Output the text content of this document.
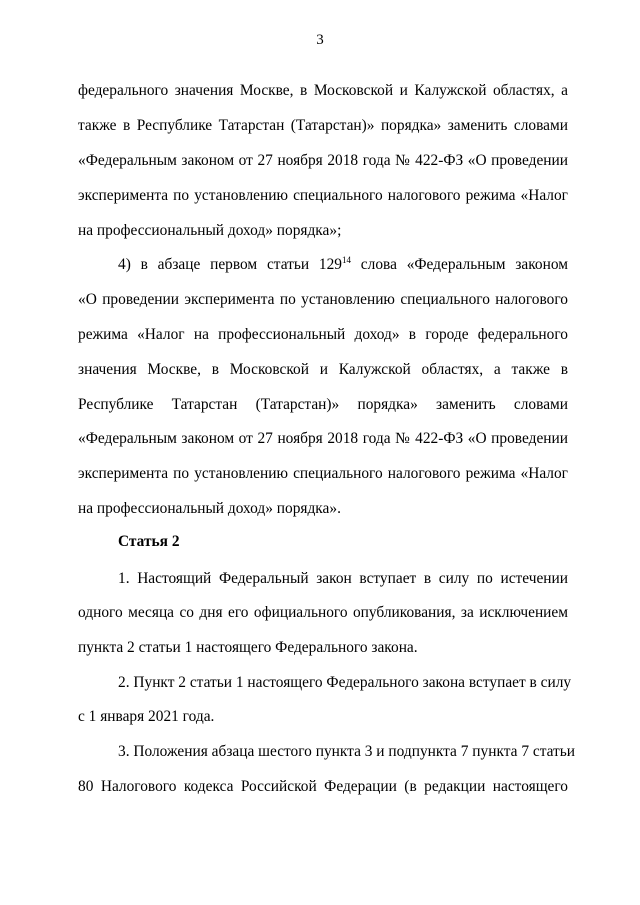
3
федерального значения Москве, в Московской и Калужской областях, а
также в Республике Татарстан (Татарстан)» порядка» заменить словами
«Федеральным законом от 27 ноября 2018 года № 422-ФЗ «О проведении
эксперимента по установлению специального налогового режима «Налог
на профессиональный доход» порядка»;
4) в абзаце первом статьи $129^{14}$ слова «Федеральным законом
«О проведении эксперимента по установлению специального налогового
режима «Налог на профессиональный доход» в городе федерального
значения Москве, в Московской и Калужской областях, а также в
Республике Татарстан (Татарстан)» порядка» заменить словами
«Федеральным законом от 27 ноября 2018 года № 422-ФЗ «О проведении
эксперимента по установлению специального налогового режима «Налог
на профессиональный доход» порядка».
Статья 2
1. Настоящий Федеральный закон вступает в силу по истечении
одного месяца со дня его официального опубликования, за исключением
пункта 2 статьи 1 настоящего Федерального закона.
2. Пункт 2 статьи 1 настоящего Федерального закона вступает в силу
с 1 января 2021 года.
3. Положения абзаца шестого пункта 3 и подпункта 7 пункта 7 статьи
80 Налогового кодекса Российской Федерации (в редакции настоящего
